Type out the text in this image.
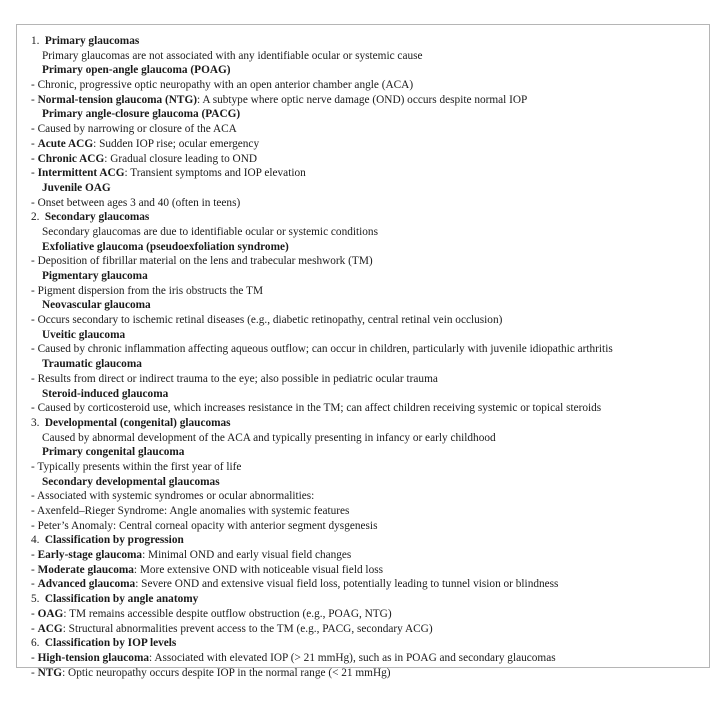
1. Primary glaucomas
Primary glaucomas are not associated with any identifiable ocular or systemic cause
Primary open-angle glaucoma (POAG)
- Chronic, progressive optic neuropathy with an open anterior chamber angle (ACA)
- Normal-tension glaucoma (NTG): A subtype where optic nerve damage (OND) occurs despite normal IOP
Primary angle-closure glaucoma (PACG)
- Caused by narrowing or closure of the ACA
- Acute ACG: Sudden IOP rise; ocular emergency
- Chronic ACG: Gradual closure leading to OND
- Intermittent ACG: Transient symptoms and IOP elevation
Juvenile OAG
- Onset between ages 3 and 40 (often in teens)
2. Secondary glaucomas
Secondary glaucomas are due to identifiable ocular or systemic conditions
Exfoliative glaucoma (pseudoexfoliation syndrome)
- Deposition of fibrillar material on the lens and trabecular meshwork (TM)
Pigmentary glaucoma
- Pigment dispersion from the iris obstructs the TM
Neovascular glaucoma
- Occurs secondary to ischemic retinal diseases (e.g., diabetic retinopathy, central retinal vein occlusion)
Uveitic glaucoma
- Caused by chronic inflammation affecting aqueous outflow; can occur in children, particularly with juvenile idiopathic arthritis
Traumatic glaucoma
- Results from direct or indirect trauma to the eye; also possible in pediatric ocular trauma
Steroid-induced glaucoma
- Caused by corticosteroid use, which increases resistance in the TM; can affect children receiving systemic or topical steroids
3. Developmental (congenital) glaucomas
Caused by abnormal development of the ACA and typically presenting in infancy or early childhood
Primary congenital glaucoma
- Typically presents within the first year of life
Secondary developmental glaucomas
- Associated with systemic syndromes or ocular abnormalities:
- Axenfeld–Rieger Syndrome: Angle anomalies with systemic features
- Peter’s Anomaly: Central corneal opacity with anterior segment dysgenesis
4. Classification by progression
- Early-stage glaucoma: Minimal OND and early visual field changes
- Moderate glaucoma: More extensive OND with noticeable visual field loss
- Advanced glaucoma: Severe OND and extensive visual field loss, potentially leading to tunnel vision or blindness
5. Classification by angle anatomy
- OAG: TM remains accessible despite outflow obstruction (e.g., POAG, NTG)
- ACG: Structural abnormalities prevent access to the TM (e.g., PACG, secondary ACG)
6. Classification by IOP levels
- High-tension glaucoma: Associated with elevated IOP (> 21 mmHg), such as in POAG and secondary glaucomas
- NTG: Optic neuropathy occurs despite IOP in the normal range (< 21 mmHg)
